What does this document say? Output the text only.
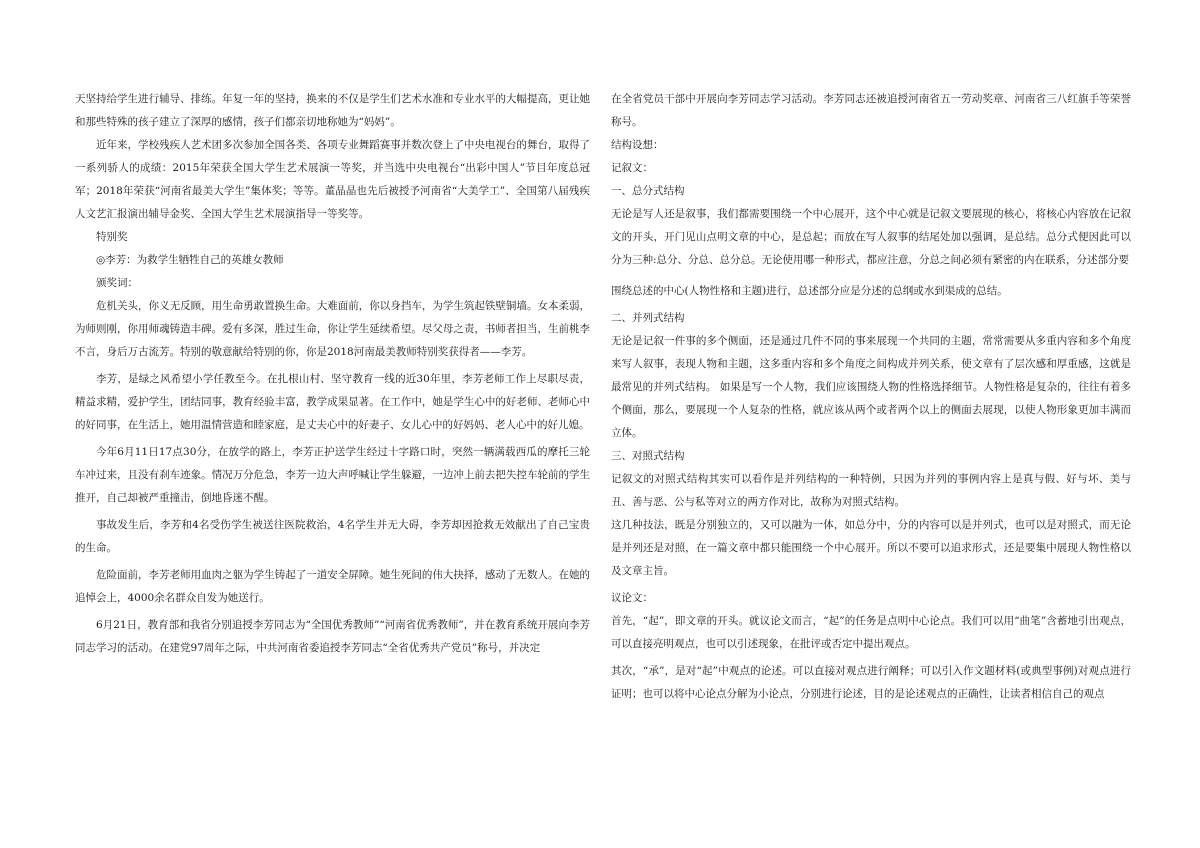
天坚持给学生进行辅导、排练。年复一年的坚持，换来的不仅是学生们艺术水准和专业水平的大幅提高，更让她和那些特殊的孩子建立了深厚的感情，孩子们都亲切地称她为“妈妈”。

近年来，学校残疾人艺术团多次参加全国各类、各项专业舞蹈赛事并数次登上了中央电视台的舞台，取得了一系列骄人的成绩：2015年荣获全国大学生艺术展演一等奖，并当选中央电视台“出彩中国人”节目年度总冠军；2018年荣获“河南省最美大学生”集体奖；等等。董晶晶也先后被授予河南省“大美学工”、全国第八届残疾人文艺汇报演出辅导金奖、全国大学生艺术展演指导一等奖等。

特别奖

◎李芳：为救学生牺牲自己的英雄女教师

颁奖词：

危机关头，你义无反顾，用生命勇敢置换生命。大难面前，你以身挡车，为学生筑起铁壁铜墙。女本柔弱，为师则刚，你用师魂铸造丰碑。爱有多深，胜过生命，你让学生延续希望。尽父母之责，书师者担当，生前桃李不言，身后万古流芳。特别的敬意献给特别的你，你是2018河南最美教师特别奖获得者——李芳。

李芳，是绿之风希望小学任教至今。在扎根山村、坚守教育一线的近30年里，李芳老师工作上尽职尽责，精益求精，爱护学生，团结同事，教育经验丰富，教学成果显著。在工作中，她是学生心中的好老师、老师心中的好同事，在生活上，她用温情营造和睦家庭，是丈夫心中的好妻子、女儿心中的好妈妈、老人心中的好儿媳。

今年6月11日17点30分，在放学的路上，李芳正护送学生经过十字路口时，突然一辆满载西瓜的摩托三轮车冲过来，且没有刹车迹象。情况万分危急，李芳一边大声呼喊让学生躲避，一边冲上前去把失控车轮前的学生推开，自己却被严重撞击，倒地昏迷不醒。

事故发生后，李芳和4名受伤学生被送往医院救治，4名学生并无大碍，李芳却因抢救无效献出了自己宝贵的生命。

危险面前，李芳老师用血肉之躯为学生铸起了一道安全屏障。她生死间的伟大抉择，感动了无数人。在她的追悼会上，4000余名群众自发为她送行。

6月21日，教育部和我省分别追授李芳同志为“全国优秀教师”“河南省优秀教师”，并在教育系统开展向李芳同志学习的活动。在建党97周年之际，中共河南省委追授李芳同志“全省优秀共产党员”称号，并决定

在全省党员干部中开展向李芳同志学习活动。李芳同志还被追授河南省五一劳动奖章、河南省三八红旗手等荣誉称号。

结构设想：

记叙文：

一、总分式结构

无论是写人还是叙事，我们都需要围绕一个中心展开，这个中心就是记叙文要展现的核心，将核心内容放在记叙文的开头，开门见山点明文章的中心，是总起；而放在写人叙事的结尾处加以强调，是总结。总分式便因此可以分为三种:总分、分总、总分总。无论使用哪一种形式，都应注意，分总之间必须有紧密的内在联系，分述部分要

围绕总述的中心(人物性格和主题)进行，总述部分应是分述的总纲或水到渠成的总结。

二、并列式结构

无论是记叙一件事的多个侧面，还是通过几件不同的事来展现一个共同的主题，常常需要从多重内容和多个角度来写人叙事，表现人物和主题，这多重内容和多个角度之间构成并列关系，使文章有了层次感和厚重感，这就是最常见的并列式结构。 如果是写一个人物，我们应该围绕人物的性格选择细节。人物性格是复杂的，往往有着多个侧面，那么，要展现一个人复杂的性格，就应该从两个或者两个以上的侧面去展现，以使人物形象更加丰满而立体。

三、对照式结构

记叙文的对照式结构其实可以看作是并列结构的一种特例，只因为并列的事例内容上是真与假、好与坏、美与丑、善与恶、公与私等对立的两方作对比，故称为对照式结构。

这几种技法，既是分别独立的，又可以融为一体，如总分中，分的内容可以是并列式，也可以是对照式，而无论是并列还是对照，在一篇文章中都只能围绕一个中心展开。所以不要可以追求形式，还是要集中展现人物性格以及文章主旨。

议论文：

首先，“起”，即文章的开头。就议论文而言，“起”的任务是点明中心论点。我们可以用“曲笔”含蓄地引出观点，可以直接亮明观点，也可以引述现象，在批评或否定中提出观点。

其次，“承”，是对“起”中观点的论述。可以直接对观点进行阐释；可以引入作文题材料(或典型事例)对观点进行证明；也可以将中心论点分解为小论点，分别进行论述，目的是论述观点的正确性，让读者相信自己的观点
